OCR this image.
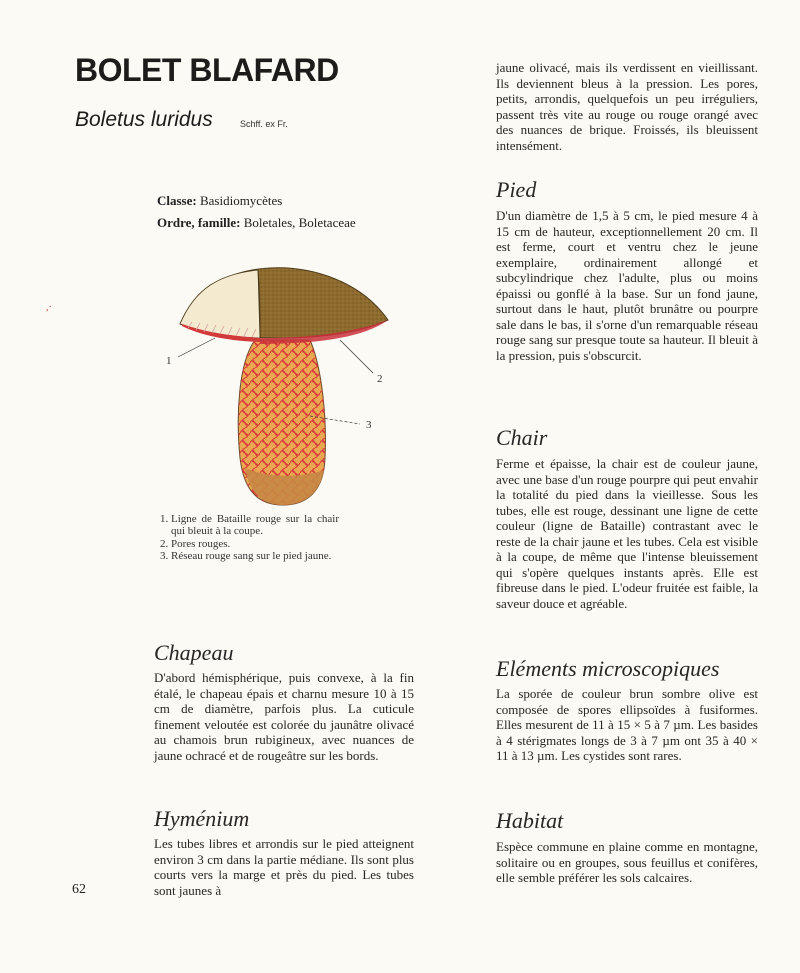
BOLET BLAFARD
Boletus luridus	Schff. ex Fr.
Classe: Basidiomycètes
Ordre, famille: Boletales, Boletaceae
,·
1
2
3
1. Ligne de Bataille rouge sur la chair qui bleuit à la coupe.
2. Pores rouges.
3. Réseau rouge sang sur le pied jaune.
Chapeau
D'abord hémisphérique, puis convexe, à la fin étalé, le chapeau épais et charnu mesure 10 à 15 cm de diamètre, parfois plus. La cuticule finement veloutée est colorée du jaunâtre olivacé au chamois brun rubigineux, avec nuances de jaune ochracé et de rougeâtre sur les bords.
Hyménium
Les tubes libres et arrondis sur le pied atteignent environ 3 cm dans la partie médiane. Ils sont plus courts vers la marge et près du pied. Les tubes sont jaunes à
jaune olivacé, mais ils verdissent en vieillissant. Ils deviennent bleus à la pression. Les pores, petits, arrondis, quelquefois un peu irréguliers, passent très vite au rouge ou rouge orangé avec des nuances de brique. Froissés, ils bleuissent intensément.
Pied
D'un diamètre de 1,5 à 5 cm, le pied mesure 4 à 15 cm de hauteur, exceptionnellement 20 cm. Il est ferme, court et ventru chez le jeune exemplaire, ordinairement allongé et subcylindrique chez l'adulte, plus ou moins épaissi ou gonflé à la base. Sur un fond jaune, surtout dans le haut, plutôt brunâtre ou pourpre sale dans le bas, il s'orne d'un remarquable réseau rouge sang sur presque toute sa hauteur. Il bleuit à la pression, puis s'obscurcit.
Chair
Ferme et épaisse, la chair est de couleur jaune, avec une base d'un rouge pourpre qui peut envahir la totalité du pied dans la vieillesse. Sous les tubes, elle est rouge, dessinant une ligne de cette couleur (ligne de Bataille) contrastant avec le reste de la chair jaune et les tubes. Cela est visible à la coupe, de même que l'intense bleuissement qui s'opère quelques instants après. Elle est fibreuse dans le pied. L'odeur fruitée est faible, la saveur douce et agréable.
Eléments microscopiques
La sporée de couleur brun sombre olive est composée de spores ellipsoïdes à fusiformes. Elles mesurent de 11 à 15 × 5 à 7 µm. Les basides à 4 stérigmates longs de 3 à 7 µm ont 35 à 40 × 11 à 13 µm. Les cystides sont rares.
Habitat
Espèce commune en plaine comme en montagne, solitaire ou en groupes, sous feuillus et conifères, elle semble préférer les sols calcaires.
62
